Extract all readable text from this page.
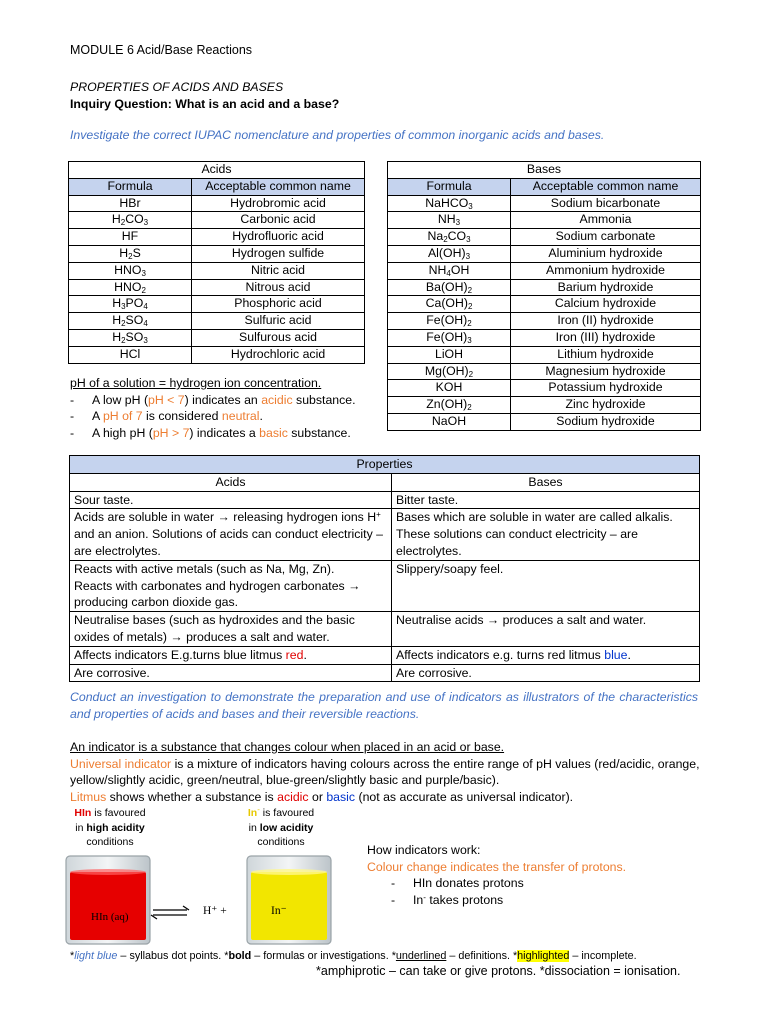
MODULE 6 Acid/Base Reactions
PROPERTIES OF ACIDS AND BASES
Inquiry Question: What is an acid and a base?
Investigate the correct IUPAC nomenclature and properties of common inorganic acids and bases.
Acids	
Formula	Acceptable common name
HBr	Hydrobromic acid
$H_2CO_3$	Carbonic acid
HF	Hydrofluoric acid
$H_2S$	Hydrogen sulfide
$HNO_3$	Nitric acid
$HNO_2$	Nitrous acid
$H_3PO_4$	Phosphoric acid
$H_2SO_4$	Sulfuric acid
$H_2SO_3$	Sulfurous acid
HCl	Hydrochloric acid
Bases	
Formula	Acceptable common name
NaHCO$_3$	Sodium bicarbonate
$NH_3$	Ammonia
$Na_2CO_3$	Sodium carbonate
$Al(OH)_3$	Aluminium hydroxide
$NH_4OH$	Ammonium hydroxide
$Ba(OH)_2$	Barium hydroxide
$Ca(OH)_2$	Calcium hydroxide
$Fe(OH)_2$	Iron (II) hydroxide
$Fe(OH)_3$	Iron (III) hydroxide
LiOH	Lithium hydroxide
$Mg(OH)_2$	Magnesium hydroxide
KOH	Potassium hydroxide
$Zn(OH)_2$	Zinc hydroxide
NaOH	Sodium hydroxide
pH of a solution = hydrogen ion concentration.
- A low pH (pH < 7) indicates an acidic substance.
- A pH of 7 is considered neutral.
- A high pH (pH > 7) indicates a basic substance.
Properties	
Acids	Bases
Sour taste.	Bitter taste.
Acids are soluble in water → releasing hydrogen ions H+ and an anion. Solutions of acids can conduct electricity – are electrolytes.	Bases which are soluble in water are called alkalis. These solutions can conduct electricity – are electrolytes.

Reacts with active metals (such as Na, Mg, Zn).
Reacts with carbonates and hydrogen carbonates → producing carbon dioxide gas.	Slippery/soapy feel.
Neutralise bases (such as hydroxides and the basic oxides of metals) → produces a salt and water.	Neutralise acids → produces a salt and water.
Affects indicators E.g.turns blue litmus red.	Affects indicators e.g. turns red litmus blue.
Are corrosive.	Are corrosive.
Conduct an investigation to demonstrate the preparation and use of indicators as illustrators of the characteristics and properties of acids and bases and their reversible reactions.
An indicator is a substance that changes colour when placed in an acid or base.
Universal indicator is a mixture of indicators having colours across the entire range of pH values (red/acidic, orange, yellow/slightly acidic, green/neutral, blue-green/slightly basic and purple/basic).
Litmus shows whether a substance is acidic or basic (not as accurate as universal indicator).
HIn is favoured
in high acidity
conditions
In- is favoured
in low acidity
conditions
HIn (aq)	H⁺ +	In⁻
How indicators work:
Colour change indicates the transfer of protons.
- HIn donates protons
- In- takes protons
*light blue – syllabus dot points. *bold – formulas or investigations. *underlined – definitions. *highlighted – incomplete.
*amphiprotic – can take or give protons. *dissociation = ionisation.
